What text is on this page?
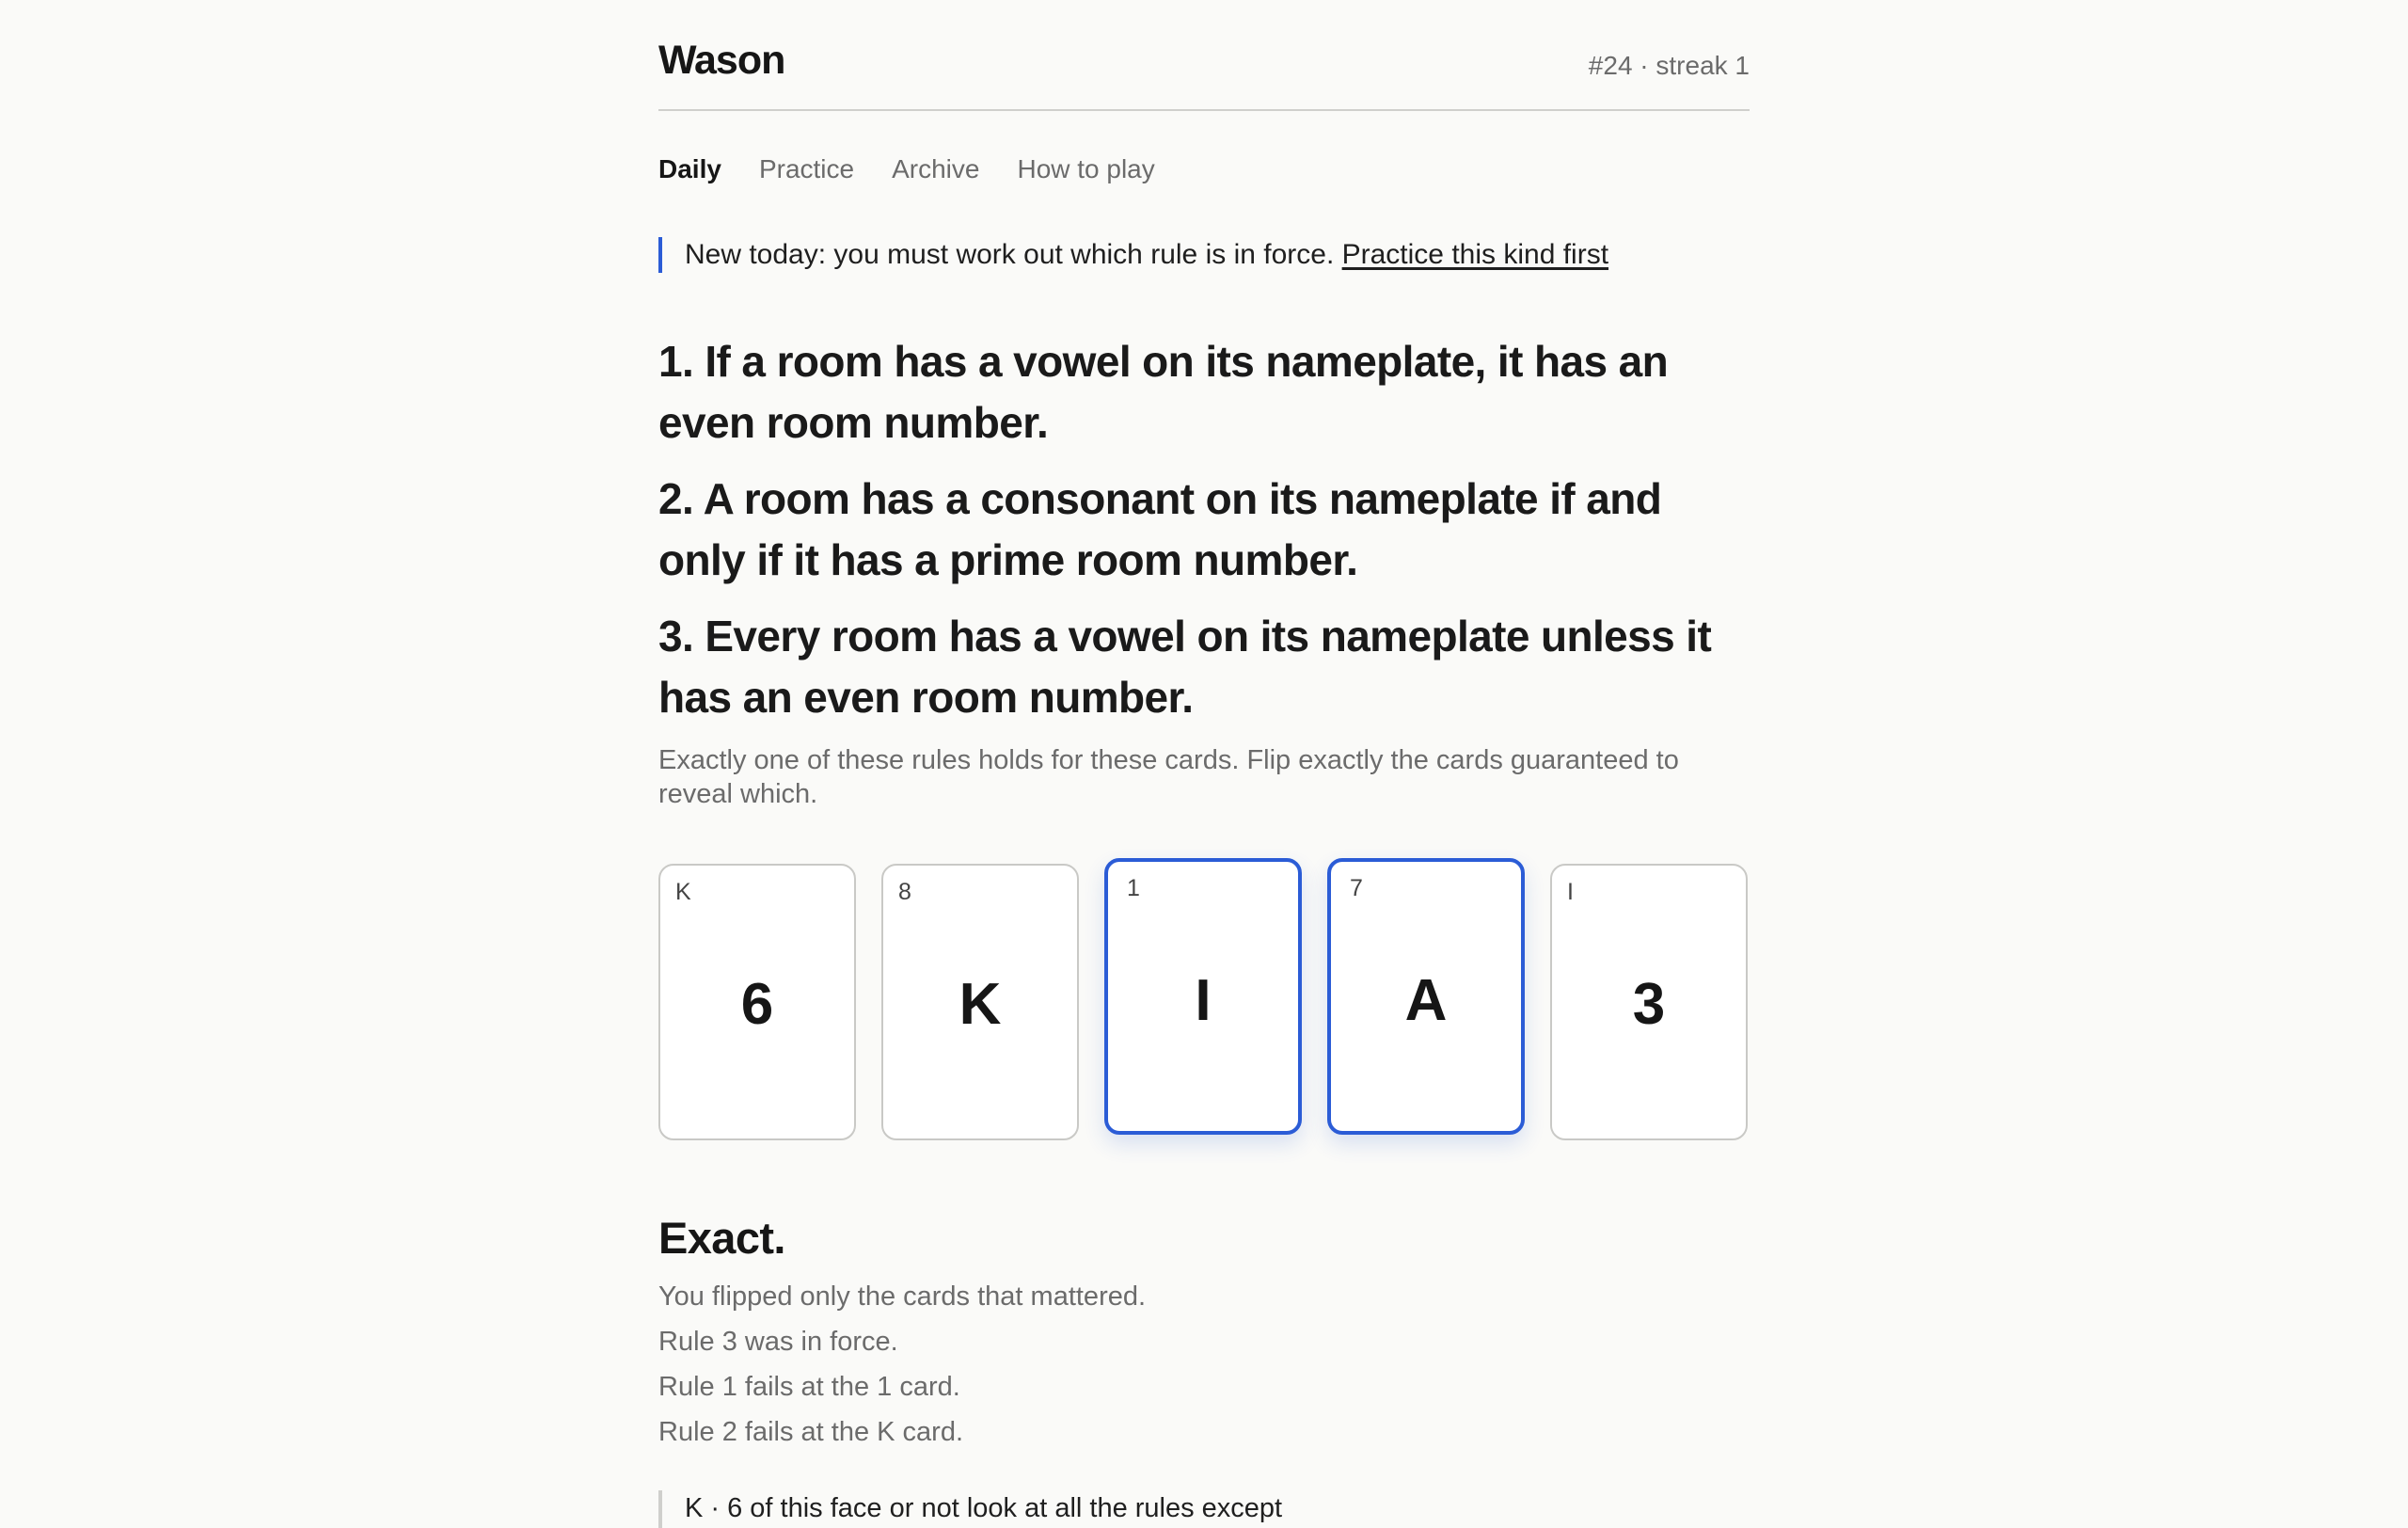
Wason	#24 · streak 1
Daily Practice Archive How to play
New today: you must work out which rule is in force. Practice this kind first
1. If a room has a vowel on its nameplate, it has an even room number.
2. A room has a consonant on its nameplate if and only if it has a prime room number.
3. Every room has a vowel on its nameplate unless it has an even room number.
Exactly one of these rules holds for these cards. Flip exactly the cards guaranteed to reveal which.
K
6
8
K
1
I
7
A
I
3
Exact.
You flipped only the cards that mattered.
Rule 3 was in force.
Rule 1 fails at the 1 card.
Rule 2 fails at the K card.
K · 6 of this face or not look at all the rules except
